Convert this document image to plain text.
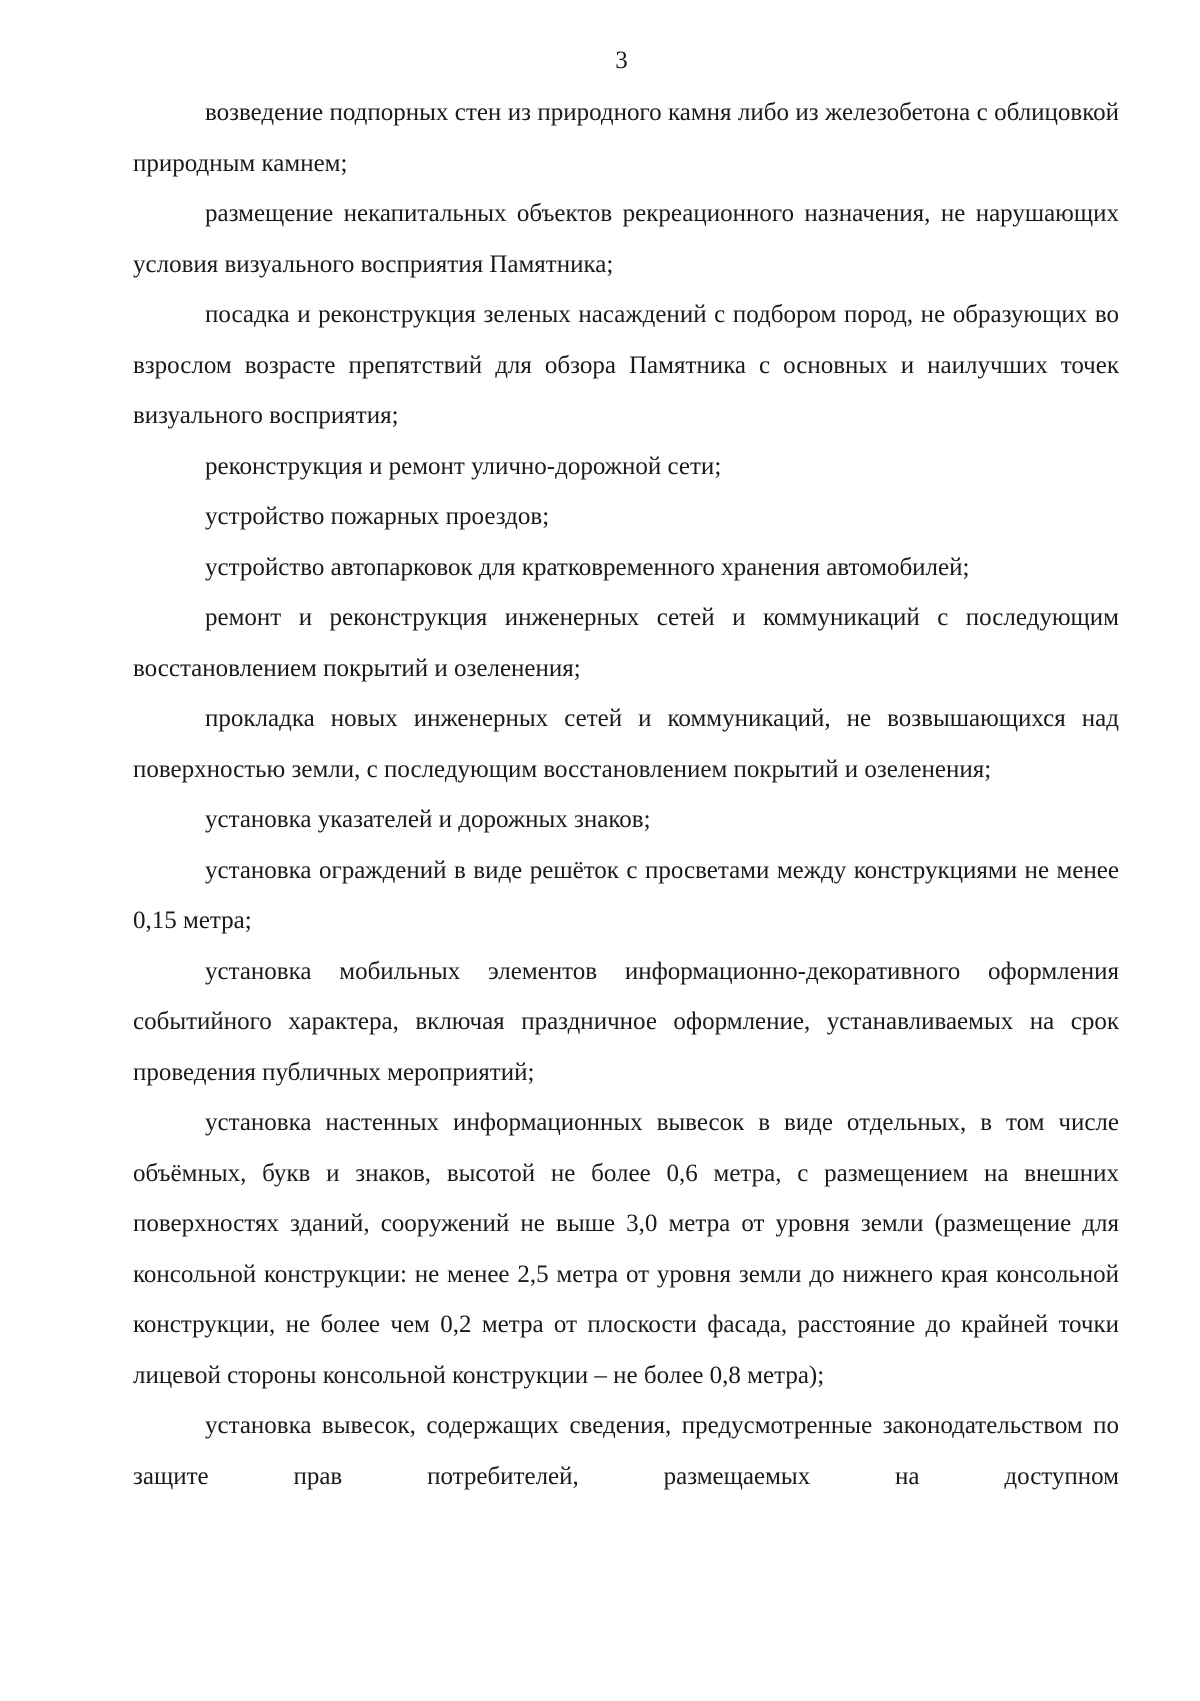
3

возведение подпорных стен из природного камня либо из железобетона с облицовкой природным камнем;

размещение некапитальных объектов рекреационного назначения, не нарушающих условия визуального восприятия Памятника;

посадка и реконструкция зеленых насаждений с подбором пород, не образующих во взрослом возрасте препятствий для обзора Памятника с основных и наилучших точек визуального восприятия;

реконструкция и ремонт улично-дорожной сети;

устройство пожарных проездов;

устройство автопарковок для кратковременного хранения автомобилей;

ремонт и реконструкция инженерных сетей и коммуникаций с последующим восстановлением покрытий и озеленения;

прокладка новых инженерных сетей и коммуникаций, не возвышающихся над поверхностью земли, с последующим восстановлением покрытий и озеленения;

установка указателей и дорожных знаков;

установка ограждений в виде решёток с просветами между конструкциями не менее 0,15 метра;

установка мобильных элементов информационно-декоративного оформления событийного характера, включая праздничное оформление, устанавливаемых на срок проведения публичных мероприятий;

установка настенных информационных вывесок в виде отдельных, в том числе объёмных, букв и знаков, высотой не более 0,6 метра, с размещением на внешних поверхностях зданий, сооружений не выше 3,0 метра от уровня земли (размещение для консольной конструкции: не менее 2,5 метра от уровня земли до нижнего края консольной конструкции, не более чем 0,2 метра от плоскости фасада, расстояние до крайней точки лицевой стороны консольной конструкции – не более 0,8 метра);

установка вывесок, содержащих сведения, предусмотренные законодательством по защите прав потребителей, размещаемых на доступном
